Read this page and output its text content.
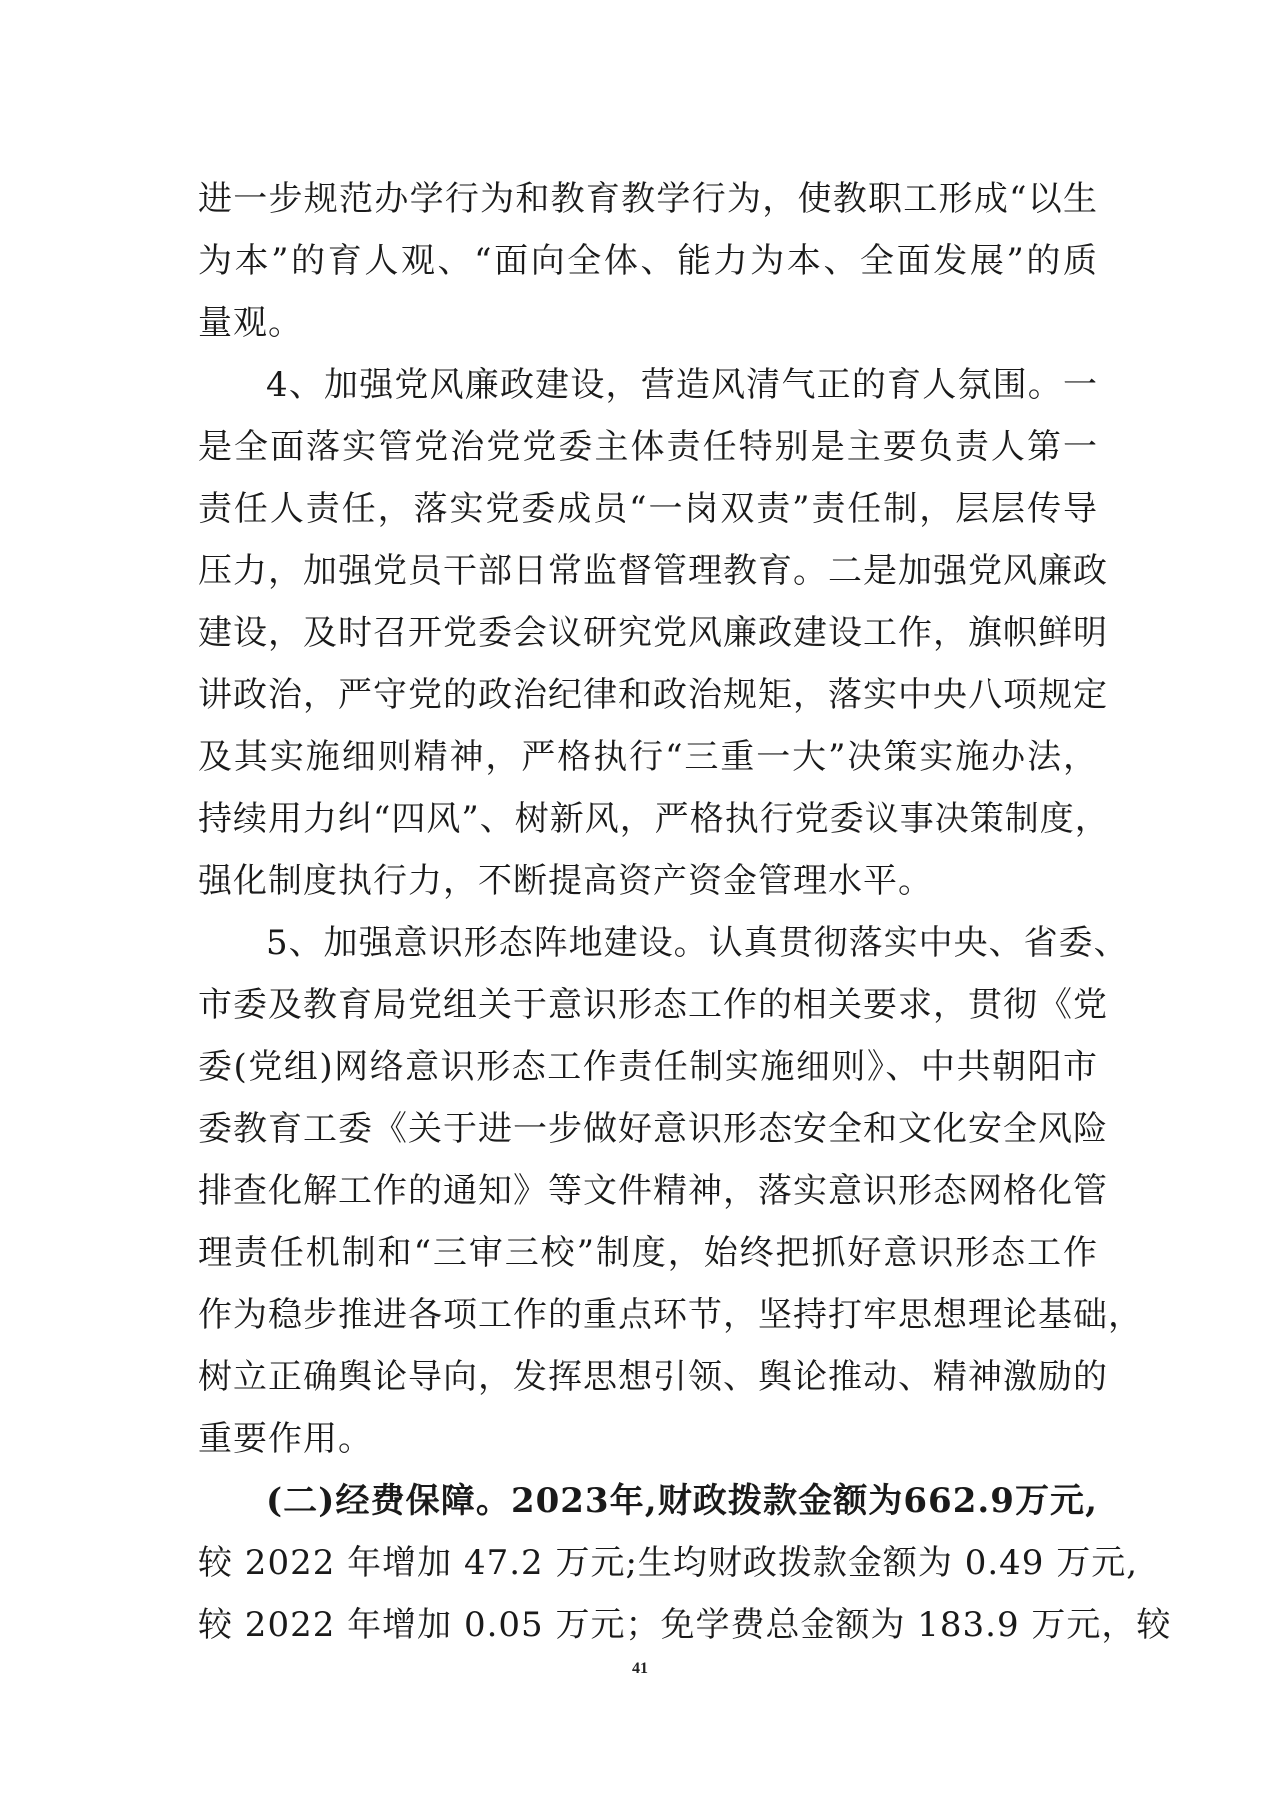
进一步规范办学行为和教育教学行为，使教职工形成“以生
为本”的育人观、“面向全体、能力为本、全面发展”的质
量观。
4、加强党风廉政建设，营造风清气正的育人氛围。一
是全面落实管党治党党委主体责任特别是主要负责人第一
责任人责任，落实党委成员“一岗双责”责任制，层层传导
压力，加强党员干部日常监督管理教育。二是加强党风廉政
建设，及时召开党委会议研究党风廉政建设工作，旗帜鲜明
讲政治，严守党的政治纪律和政治规矩，落实中央八项规定
及其实施细则精神，严格执行“三重一大”决策实施办法，
持续用力纠“四风”、树新风，严格执行党委议事决策制度，
强化制度执行力，不断提高资产资金管理水平。
5、加强意识形态阵地建设。认真贯彻落实中央、省委、
市委及教育局党组关于意识形态工作的相关要求，贯彻《党
委(党组)网络意识形态工作责任制实施细则》、中共朝阳市
委教育工委《关于进一步做好意识形态安全和文化安全风险
排查化解工作的通知》等文件精神，落实意识形态网格化管
理责任机制和“三审三校”制度，始终把抓好意识形态工作
作为稳步推进各项工作的重点环节，坚持打牢思想理论基础，
树立正确舆论导向，发挥思想引领、舆论推动、精神激励的
重要作用。
(二)经费保障。2023年,财政拨款金额为662.9万元,
较 2022 年增加 47.2 万元;生均财政拨款金额为 0.49 万元,
较 2022 年增加 0.05 万元；免学费总金额为 183.9 万元，较
41
